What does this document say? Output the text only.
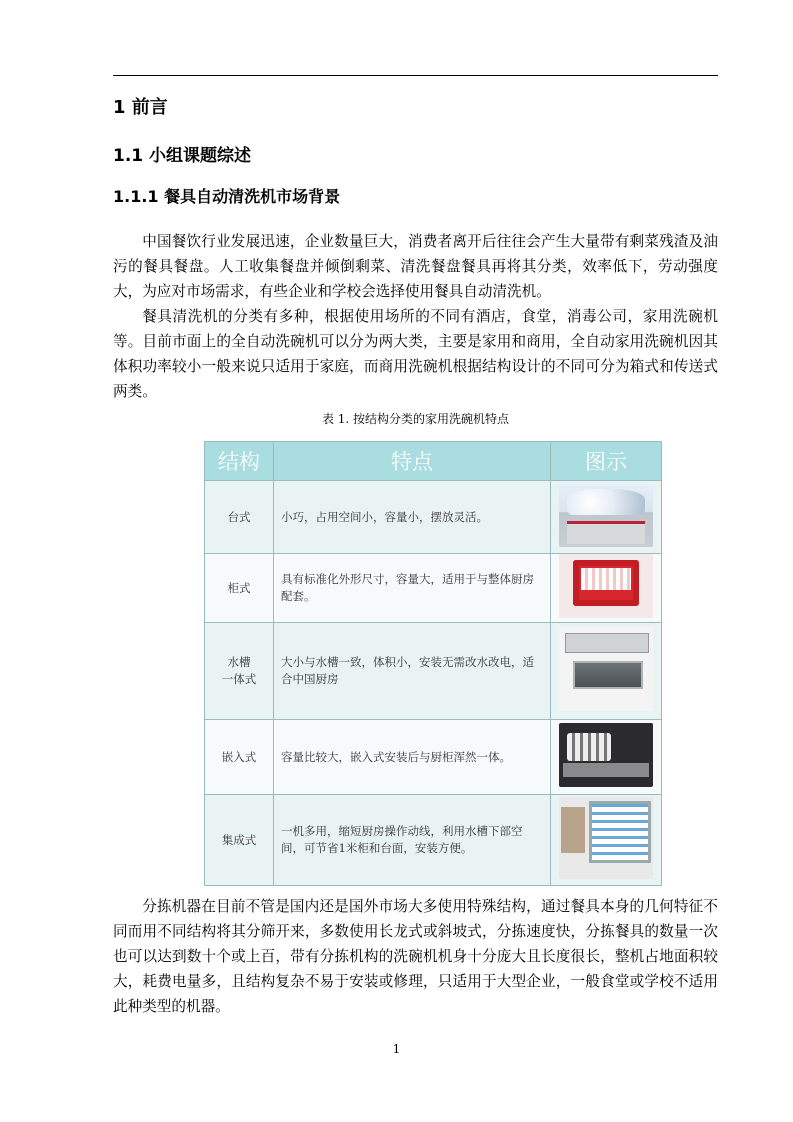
1 前言
1.1 小组课题综述
1.1.1 餐具自动清洗机市场背景

中国餐饮行业发展迅速，企业数量巨大，消费者离开后往往会产生大量带有剩菜残渣及油污的餐具餐盘。人工收集餐盘并倾倒剩菜、清洗餐盘餐具再将其分类，效率低下，劳动强度大，为应对市场需求，有些企业和学校会选择使用餐具自动清洗机。

餐具清洗机的分类有多种，根据使用场所的不同有酒店，食堂，消毒公司，家用洗碗机等。目前市面上的全自动洗碗机可以分为两大类，主要是家用和商用，全自动家用洗碗机因其体积功率较小一般来说只适用于家庭，而商用洗碗机根据结构设计的不同可分为箱式和传送式两类。

表 1. 按结构分类的家用洗碗机特点

结构	特点	图示
台式	小巧，占用空间小，容量小，摆放灵活。	
柜式	具有标准化外形尺寸，容量大，适用于与整体厨房配套。	
水槽
一体式	大小与水槽一致，体积小，安装无需改水改电，适合中国厨房	
嵌入式	容量比较大，嵌入式安装后与厨柜浑然一体。	
集成式	一机多用，缩短厨房操作动线，利用水槽下部空间，可节省1米柜和台面，安装方便。	

分拣机器在目前不管是国内还是国外市场大多使用特殊结构，通过餐具本身的几何特征不同而用不同结构将其分筛开来，多数使用长龙式或斜坡式，分拣速度快，分拣餐具的数量一次也可以达到数十个或上百，带有分拣机构的洗碗机机身十分庞大且长度很长，整机占地面积较大，耗费电量多，且结构复杂不易于安装或修理，只适用于大型企业，一般食堂或学校不适用此种类型的机器。

1
